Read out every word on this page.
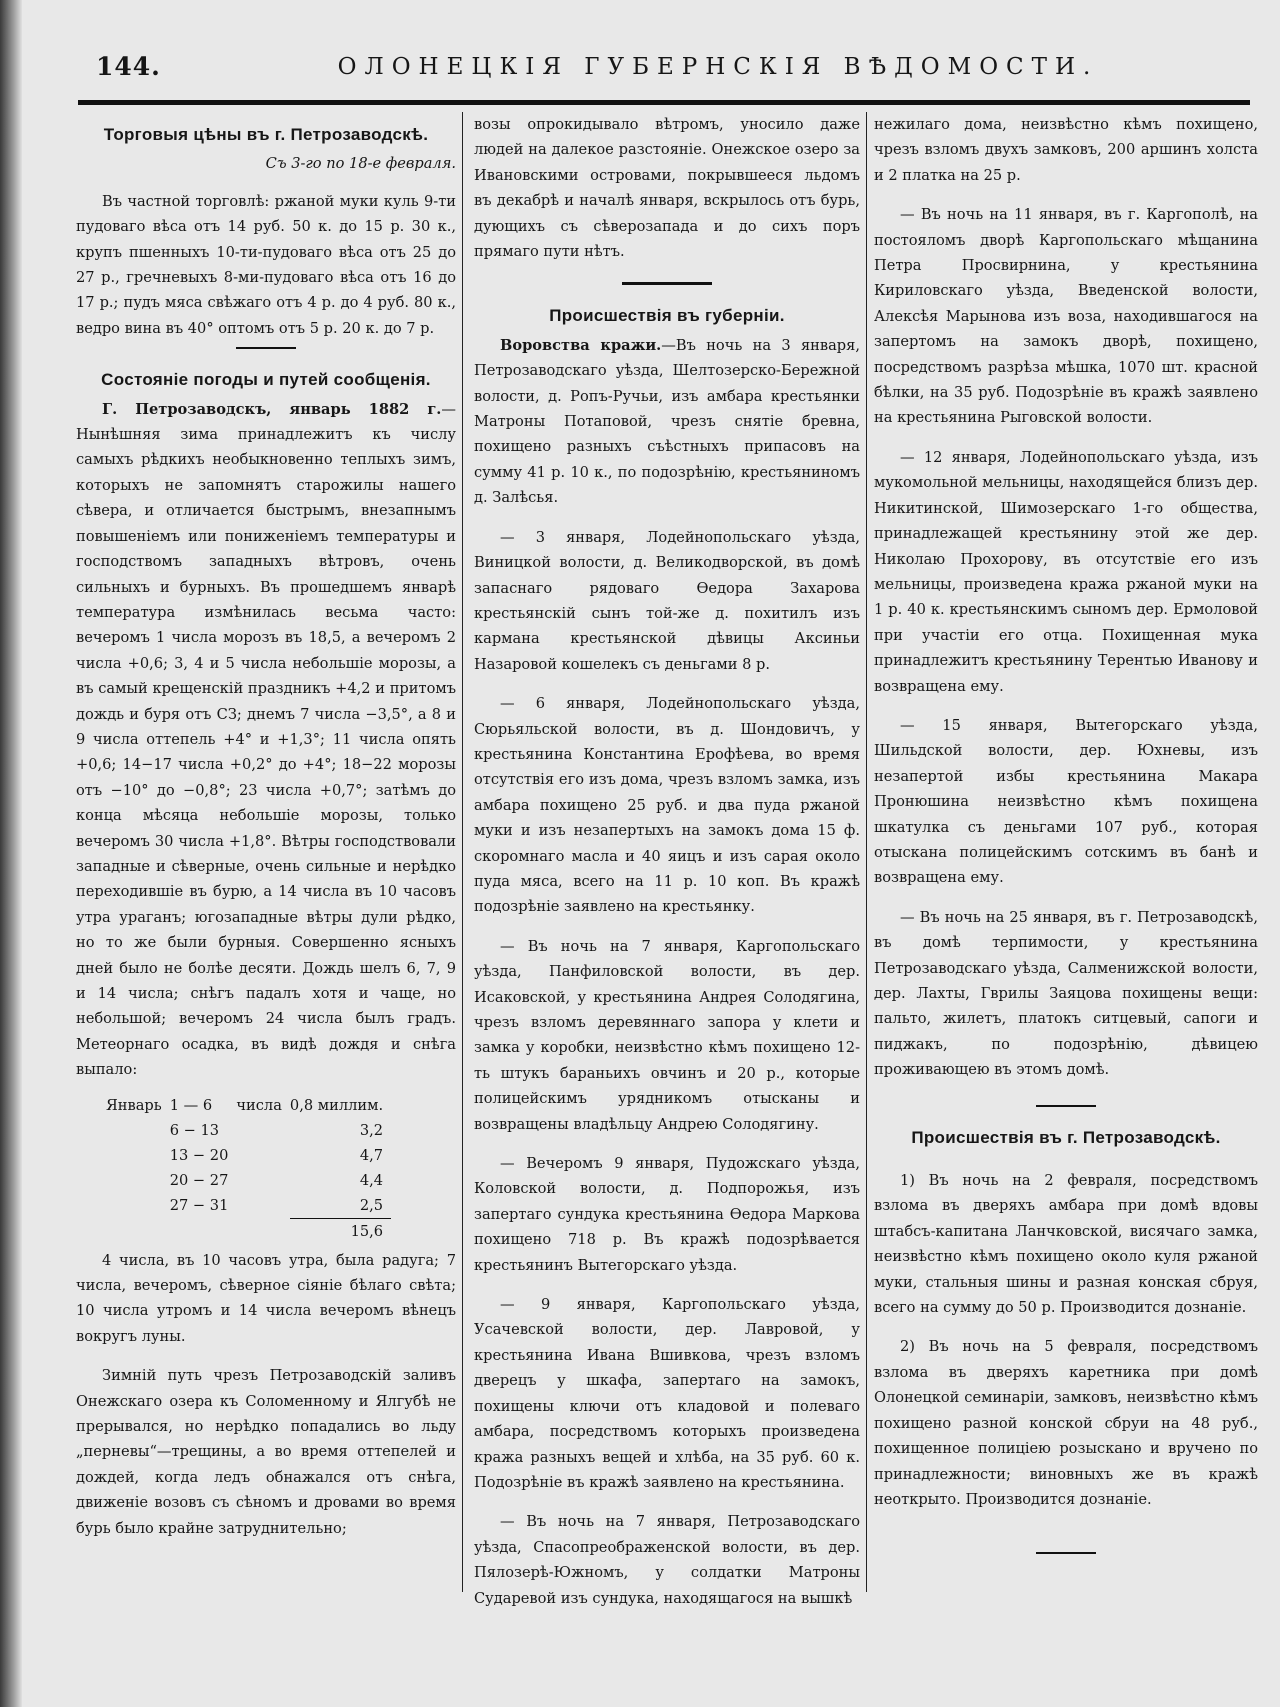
144.	ОЛОНЕЦКІЯ ГУБЕРНСКІЯ ВѢДОМОСТИ.
Торговыя цѣны въ г. Петрозаводскѣ.

Съ 3-го по 18-е февраля.

Въ частной торговлѣ: ржаной муки куль 9-ти пудоваго вѣса отъ 14 руб. 50 к. до 15 р. 30 к., крупъ пшенныхъ 10-ти-пудоваго вѣса отъ 25 до 27 р., гречневыхъ 8-ми-пудоваго вѣса отъ 16 до 17 р.; пудъ мяса свѣжаго отъ 4 р. до 4 руб. 80 к., ведро вина въ 40° оптомъ отъ 5 р. 20 к. до 7 р.

Состояніе погоды и путей сообщенія.

Г. Петрозаводскъ, январь 1882 г.—Нынѣшняя зима принадлежитъ къ числу самыхъ рѣдкихъ необыкновенно теплыхъ зимъ, которыхъ не запомнятъ старожилы нашего сѣвера, и отличается быстрымъ, внезапнымъ повышеніемъ или пониженіемъ температуры и господствомъ западныхъ вѣтровъ, очень сильныхъ и бурныхъ. Въ прошедшемъ январѣ температура измѣнилась весьма часто: вечеромъ 1 числа морозъ въ 18,5, а вечеромъ 2 числа +0,6; 3, 4 и 5 числа небольшіе морозы, а въ самый крещенскій праздникъ +4,2 и притомъ дождь и буря отъ СЗ; днемъ 7 числа −3,5°, а 8 и 9 числа оттепель +4° и +1,3°; 11 числа опять +0,6; 14−17 числа +0,2° до +4°; 18−22 морозы отъ −10° до −0,8°; 23 числа +0,7°; затѣмъ до конца мѣсяца небольшіе морозы, только вечеромъ 30 числа +1,8°. Вѣтры господствовали западные и сѣверные, очень сильные и нерѣдко переходившіе въ бурю, а 14 числа въ 10 часовъ утра ураганъ; югозападные вѣтры дули рѣдко, но то же были бурныя. Совершенно ясныхъ дней было не болѣе десяти. Дождь шелъ 6, 7, 9 и 14 числа; снѣгъ падалъ хотя и чаще, но небольшой; вечеромъ 24 числа былъ градъ. Метеорнаго осадка, въ видѣ дождя и снѣга выпало:

Январь	1 — 6	числа	0,8 миллим.
	6 − 13		3,2
	13 − 20		4,7
	20 − 27		4,4
	27 − 31		2,5
			15,6

4 числа, въ 10 часовъ утра, была радуга; 7 числа, вечеромъ, сѣверное сіяніе бѣлаго свѣта; 10 числа утромъ и 14 числа вечеромъ вѣнецъ вокругъ луны.

Зимній путь чрезъ Петрозаводскій заливъ Онежскаго озера къ Соломенному и Ялгубѣ не прерывался, но нерѣдко попадались во льду „перневы“—трещины, а во время оттепелей и дождей, когда ледъ обнажался отъ снѣга, движеніе возовъ съ сѣномъ и дровами во время бурь было крайне затруднительно;

возы опрокидывало вѣтромъ, уносило даже людей на далекое разстояніе. Онежское озеро за Ивановскими островами, покрывшееся льдомъ въ декабрѣ и началѣ января, вскрылось отъ бурь, дующихъ съ сѣверозапада и до сихъ поръ прямаго пути нѣтъ.

Происшествія въ губерніи.

Воровства кражи.—Въ ночь на 3 января, Петрозаводскаго уѣзда, Шелтозерско-Бережной волости, д. Ропъ-Ручьи, изъ амбара крестьянки Матроны Потаповой, чрезъ снятіе бревна, похищено разныхъ съѣстныхъ припасовъ на сумму 41 р. 10 к., по подозрѣнію, крестьяниномъ д. Залѣсья.

— 3 января, Лодейнопольскаго уѣзда, Виницкой волости, д. Великодворской, въ домѣ запаснаго рядоваго Ѳедора Захарова крестьянскій сынъ той-же д. похитилъ изъ кармана крестьянской дѣвицы Аксиньи Назаровой кошелекъ съ деньгами 8 р.

— 6 января, Лодейнопольскаго уѣзда, Сюрьяльской волости, въ д. Шондовичъ, у крестьянина Константина Ерофѣева, во время отсутствія его изъ дома, чрезъ взломъ замка, изъ амбара похищено 25 руб. и два пуда ржаной муки и изъ незапертыхъ на замокъ дома 15 ф. скоромнаго масла и 40 яицъ и изъ сарая около пуда мяса, всего на 11 р. 10 коп. Въ кражѣ подозрѣніе заявлено на крестьянку.

— Въ ночь на 7 января, Каргопольскаго уѣзда, Панфиловской волости, въ дер. Исаковской, у крестьянина Андрея Солодягина, чрезъ взломъ деревяннаго запора у клети и замка у коробки, неизвѣстно кѣмъ похищено 12-ть штукъ бараньихъ овчинъ и 20 р., которые полицейскимъ урядникомъ отысканы и возвращены владѣльцу Андрею Солодягину.

— Вечеромъ 9 января, Пудожскаго уѣзда, Коловской волости, д. Подпорожья, изъ запертаго сундука крестьянина Ѳедора Маркова похищено 718 р. Въ кражѣ подозрѣвается крестьянинъ Вытегорскаго уѣзда.

— 9 января, Каргопольскаго уѣзда, Усачевской волости, дер. Лавровой, у крестьянина Ивана Вшивкова, чрезъ взломъ дверецъ у шкафа, запертаго на замокъ, похищены ключи отъ кладовой и полеваго амбара, посредствомъ которыхъ произведена кража разныхъ вещей и хлѣба, на 35 руб. 60 к. Подозрѣніе въ кражѣ заявлено на крестьянина.

— Въ ночь на 7 января, Петрозаводскаго уѣзда, Спасопреображенской волости, въ дер. Пялозерѣ-Южномъ, у солдатки Матроны Сударевой изъ сундука, находящагося на вышкѣ

нежилаго дома, неизвѣстно кѣмъ похищено, чрезъ взломъ двухъ замковъ, 200 аршинъ холста и 2 платка на 25 р.

— Въ ночь на 11 января, въ г. Каргополѣ, на постояломъ дворѣ Каргопольскаго мѣщанина Петра Просвирнина, у крестьянина Кириловскаго уѣзда, Введенской волости, Алексѣя Марынова изъ воза, находившагося на запертомъ на замокъ дворѣ, похищено, посредствомъ разрѣза мѣшка, 1070 шт. красной бѣлки, на 35 руб. Подозрѣніе въ кражѣ заявлено на крестьянина Рыговской волости.

— 12 января, Лодейнопольскаго уѣзда, изъ мукомольной мельницы, находящейся близъ дер. Никитинской, Шимозерскаго 1-го общества, принадлежащей крестьянину этой же дер. Николаю Прохорову, въ отсутствіе его изъ мельницы, произведена кража ржаной муки на 1 р. 40 к. крестьянскимъ сыномъ дер. Ермоловой при участіи его отца. Похищенная мука принадлежитъ крестьянину Терентью Иванову и возвращена ему.

— 15 января, Вытегорскаго уѣзда, Шильдской волости, дер. Юхневы, изъ незапертой избы крестьянина Макара Пронюшина неизвѣстно кѣмъ похищена шкатулка съ деньгами 107 руб., которая отыскана полицейскимъ сотскимъ въ банѣ и возвращена ему.

— Въ ночь на 25 января, въ г. Петрозаводскѣ, въ домѣ терпимости, у крестьянина Петрозаводскаго уѣзда, Салменижской волости, дер. Лахты, Гврилы Заяцова похищены вещи: пальто, жилетъ, платокъ ситцевый, сапоги и пиджакъ, по подозрѣнію, дѣвицею проживающею въ этомъ домѣ.

Происшествія въ г. Петрозаводскѣ.

1) Въ ночь на 2 февраля, посредствомъ взлома въ дверяхъ амбара при домѣ вдовы штабсъ-капитана Ланчковской, висячаго замка, неизвѣстно кѣмъ похищено около куля ржаной муки, стальныя шины и разная конская сбруя, всего на сумму до 50 р. Производится дознаніе.

2) Въ ночь на 5 февраля, посредствомъ взлома въ дверяхъ каретника при домѣ Олонецкой семинаріи, замковъ, неизвѣстно кѣмъ похищено разной конской сбруи на 48 руб., похищенное полиціею розыскано и вручено по принадлежности; виновныхъ же въ кражѣ неоткрыто. Производится дознаніе.
